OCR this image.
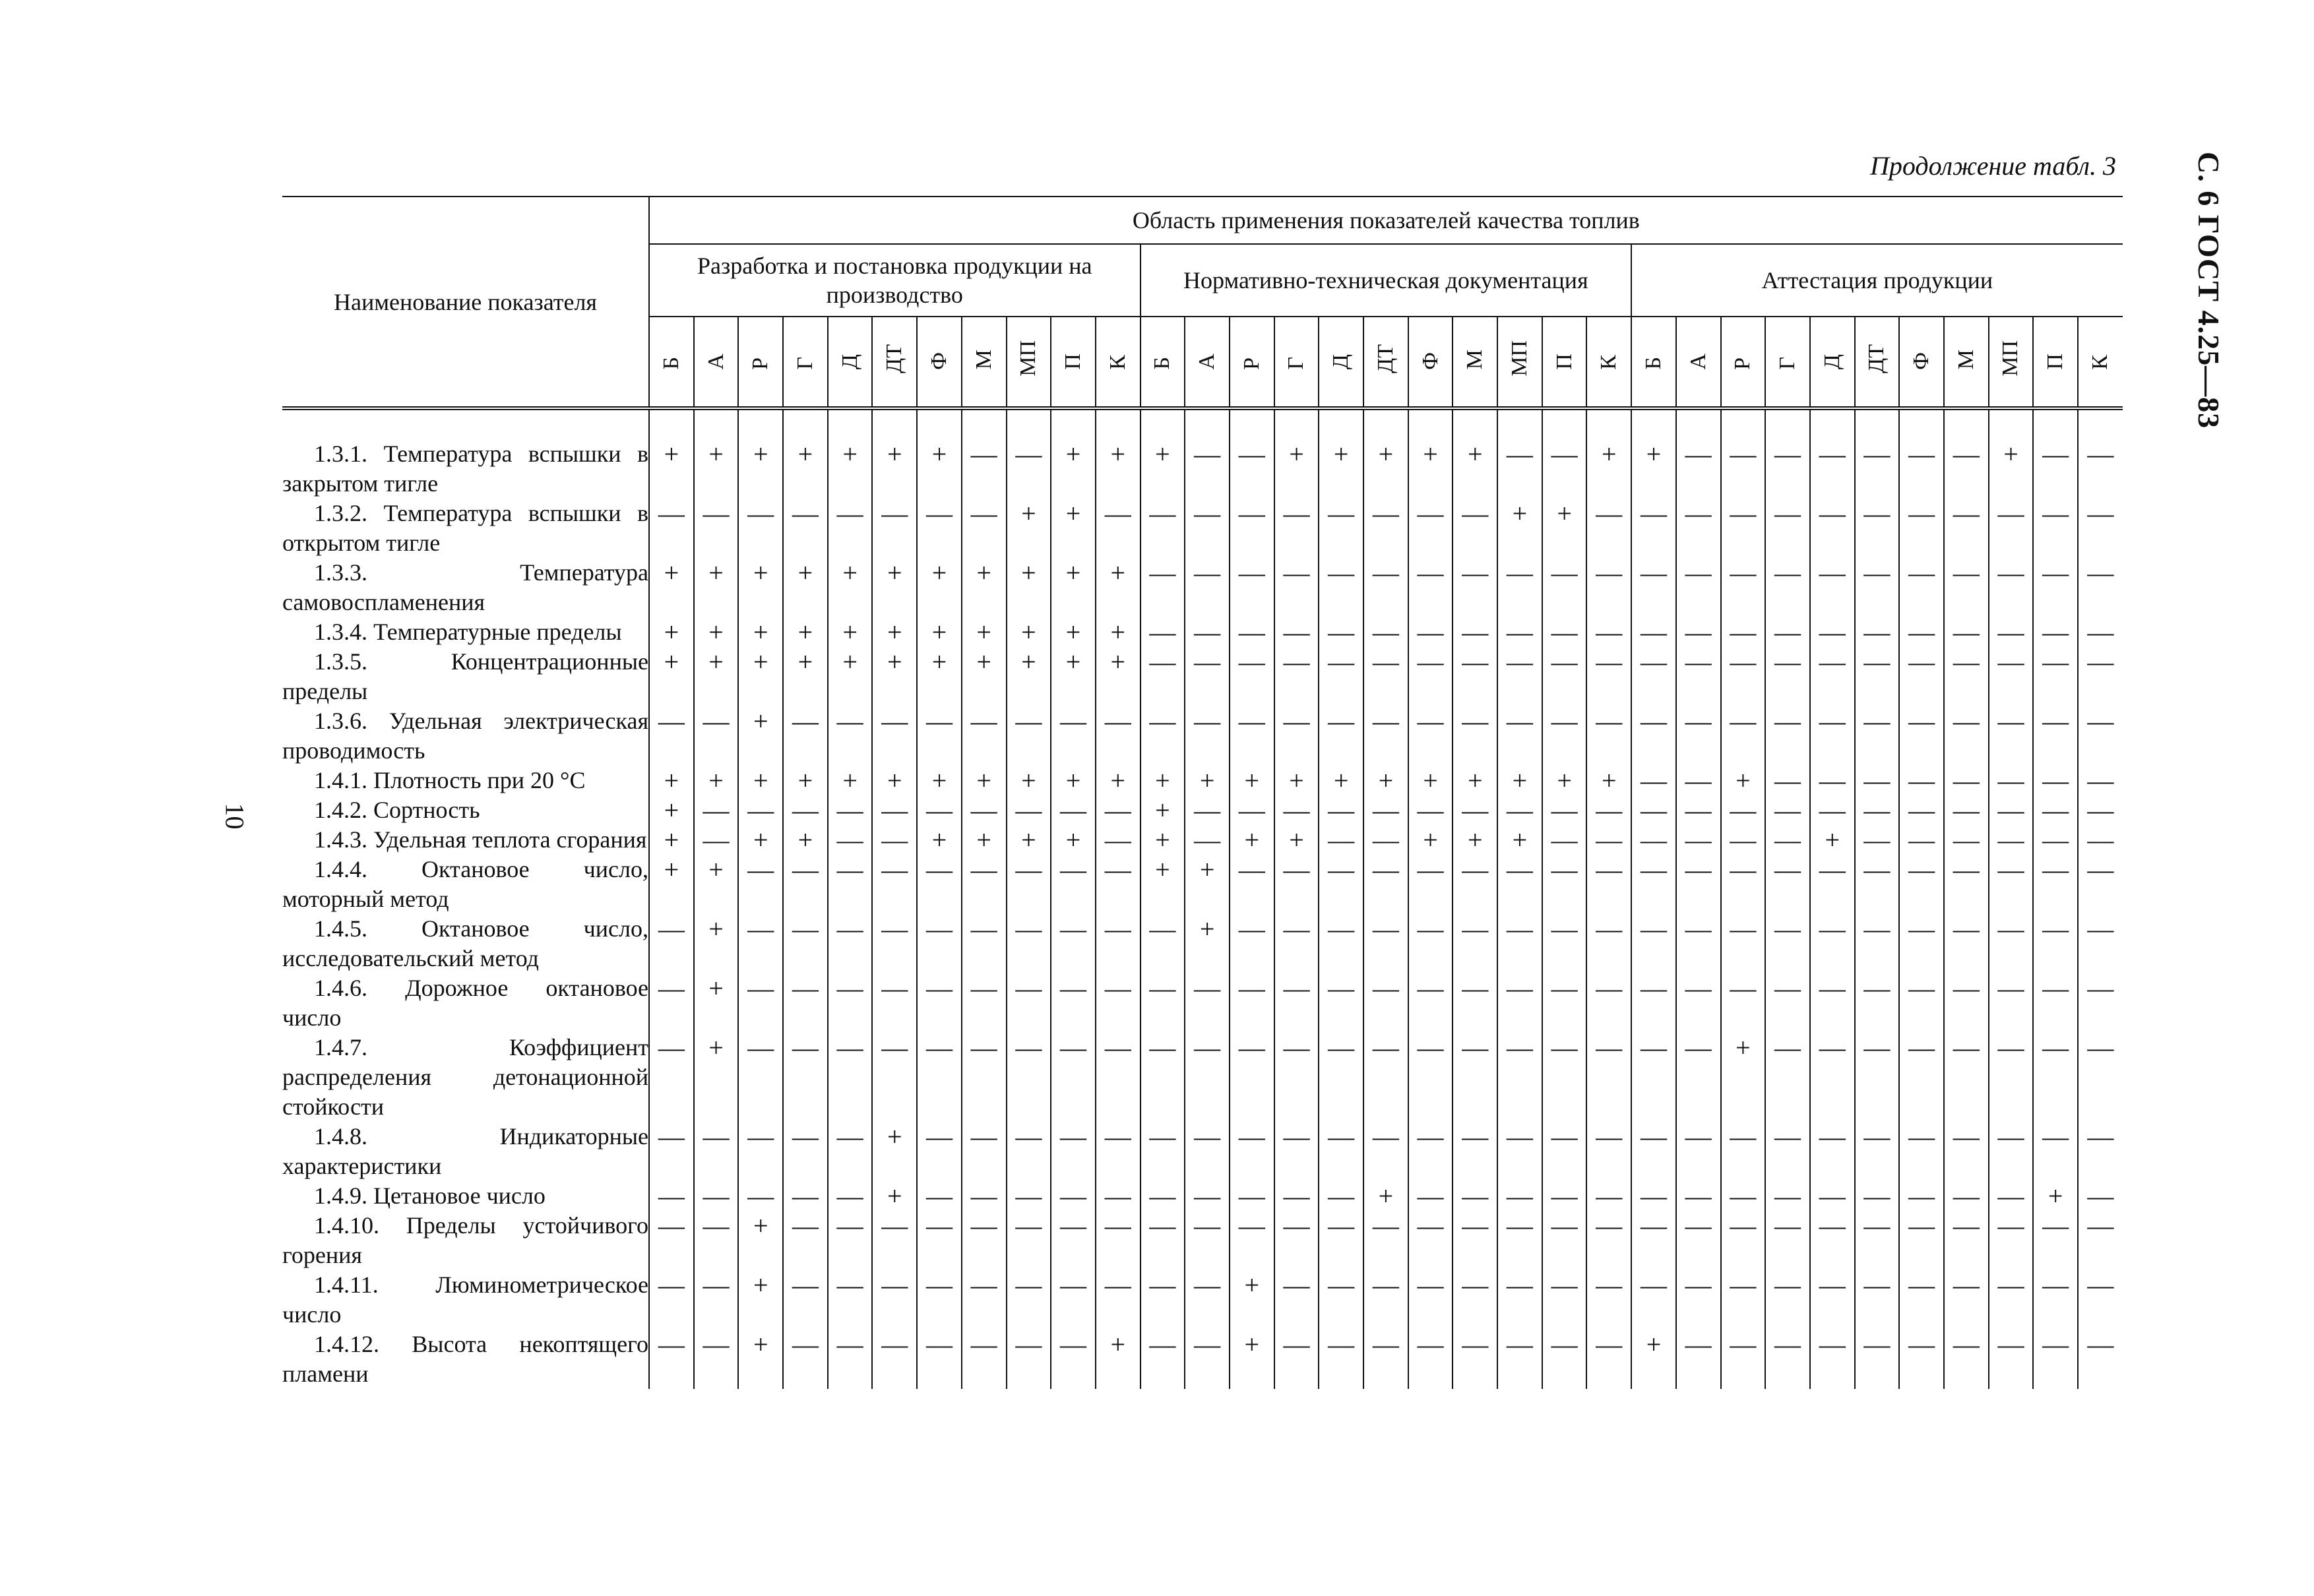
Продолжение табл. 3	С. 6 ГОСТ 4.25—83
10
Наименование показателя	Область применения показателей качества топлив																																
	Разработка и постановка продукции на производство											Нормативно-техническая документация											Аттестация продукции										
	Б	А	Р	Г	Д	ДТ	Ф	М	МП	П	К	Б	А	Р	Г	Д	ДТ	Ф	М	МП	П	К	Б	А	Р	Г	Д	ДТ	Ф	М	МП	П	К

1.3.1. Температура вспышки в закрытом тигле	+	+	+	+	+	+	+	—	—	+	+	+	—	—	+	+	+	+	+	—	—	+	+	—	—	—	—	—	—	—	+	—	—
1.3.2. Температура вспышки в открытом тигле	—	—	—	—	—	—	—	—	+	+	—	—	—	—	—	—	—	—	—	+	+	—	—	—	—	—	—	—	—	—	—	—	—
1.3.3. Температура самовоспламенения	+	+	+	+	+	+	+	+	+	+	+	—	—	—	—	—	—	—	—	—	—	—	—	—	—	—	—	—	—	—	—	—	—
1.3.4. Температурные пределы	+	+	+	+	+	+	+	+	+	+	+	—	—	—	—	—	—	—	—	—	—	—	—	—	—	—	—	—	—	—	—	—	—
1.3.5. Концентрационные пределы	+	+	+	+	+	+	+	+	+	+	+	—	—	—	—	—	—	—	—	—	—	—	—	—	—	—	—	—	—	—	—	—	—
1.3.6. Удельная электрическая проводимость	—	—	+	—	—	—	—	—	—	—	—	—	—	—	—	—	—	—	—	—	—	—	—	—	—	—	—	—	—	—	—	—	—
1.4.1. Плотность при 20 °С	+	+	+	+	+	+	+	+	+	+	+	+	+	+	+	+	+	+	+	+	+	+	—	—	+	—	—	—	—	—	—	—	—
1.4.2. Сортность	+	—	—	—	—	—	—	—	—	—	—	+	—	—	—	—	—	—	—	—	—	—	—	—	—	—	—	—	—	—	—	—	—
1.4.3. Удельная теплота сгорания	+	—	+	+	—	—	+	+	+	+	—	+	—	+	+	—	—	+	+	+	—	—	—	—	—	—	+	—	—	—	—	—	—
1.4.4. Октановое число, моторный метод	+	+	—	—	—	—	—	—	—	—	—	+	+	—	—	—	—	—	—	—	—	—	—	—	—	—	—	—	—	—	—	—	—
1.4.5. Октановое число, исследовательский метод	—	+	—	—	—	—	—	—	—	—	—	—	+	—	—	—	—	—	—	—	—	—	—	—	—	—	—	—	—	—	—	—	—
1.4.6. Дорожное октановое число	—	+	—	—	—	—	—	—	—	—	—	—	—	—	—	—	—	—	—	—	—	—	—	—	—	—	—	—	—	—	—	—	—
1.4.7. Коэффициент распределения детонационной стойкости	—	+	—	—	—	—	—	—	—	—	—	—	—	—	—	—	—	—	—	—	—	—	—	—	+	—	—	—	—	—	—	—	—
1.4.8. Индикаторные характеристики	—	—	—	—	—	+	—	—	—	—	—	—	—	—	—	—	—	—	—	—	—	—	—	—	—	—	—	—	—	—	—	—	—
1.4.9. Цетановое число	—	—	—	—	—	+	—	—	—	—	—	—	—	—	—	—	+	—	—	—	—	—	—	—	—	—	—	—	—	—	—	+	—
1.4.10. Пределы устойчивого горения	—	—	+	—	—	—	—	—	—	—	—	—	—	—	—	—	—	—	—	—	—	—	—	—	—	—	—	—	—	—	—	—	—
1.4.11. Люминометрическое число	—	—	+	—	—	—	—	—	—	—	—	—	—	+	—	—	—	—	—	—	—	—	—	—	—	—	—	—	—	—	—	—	—
1.4.12. Высота некоптящего пламени	—	—	+	—	—	—	—	—	—	—	+	—	—	+	—	—	—	—	—	—	—	—	+	—	—	—	—	—	—	—	—	—	—
